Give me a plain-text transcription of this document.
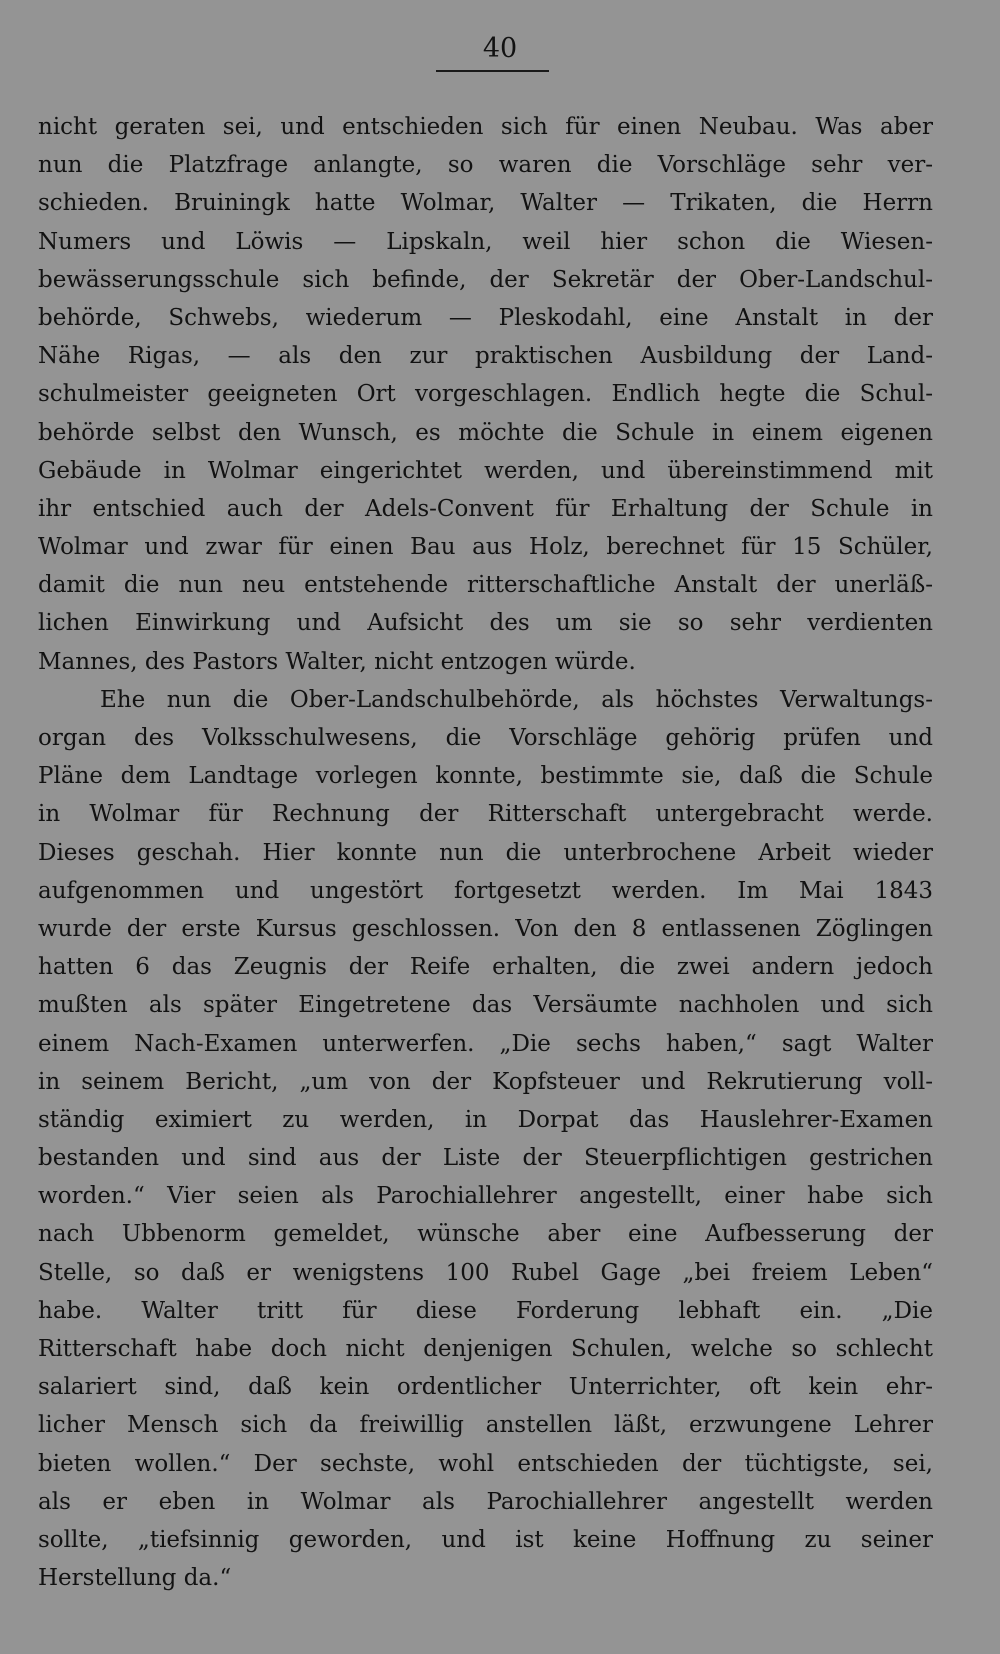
40
nicht geraten sei, und entschieden sich für einen Neubau. Was aber
nun die Platzfrage anlangte, so waren die Vorschläge sehr ver-
schieden. Bruiningk hatte Wolmar, Walter — Trikaten, die Herrn
Numers und Löwis — Lipskaln, weil hier schon die Wiesen-
bewässerungsschule sich befinde, der Sekretär der Ober-Landschul-
behörde, Schwebs, wiederum — Pleskodahl, eine Anstalt in der
Nähe Rigas, — als den zur praktischen Ausbildung der Land-
schulmeister geeigneten Ort vorgeschlagen. Endlich hegte die Schul-
behörde selbst den Wunsch, es möchte die Schule in einem eigenen
Gebäude in Wolmar eingerichtet werden, und übereinstimmend mit
ihr entschied auch der Adels-Convent für Erhaltung der Schule in
Wolmar und zwar für einen Bau aus Holz, berechnet für 15 Schüler,
damit die nun neu entstehende ritterschaftliche Anstalt der unerläß-
lichen Einwirkung und Aufsicht des um sie so sehr verdienten
Mannes, des Pastors Walter, nicht entzogen würde.
Ehe nun die Ober-Landschulbehörde, als höchstes Verwaltungs-
organ des Volksschulwesens, die Vorschläge gehörig prüfen und
Pläne dem Landtage vorlegen konnte, bestimmte sie, daß die Schule
in Wolmar für Rechnung der Ritterschaft untergebracht werde.
Dieses geschah. Hier konnte nun die unterbrochene Arbeit wieder
aufgenommen und ungestört fortgesetzt werden. Im Mai 1843
wurde der erste Kursus geschlossen. Von den 8 entlassenen Zöglingen
hatten 6 das Zeugnis der Reife erhalten, die zwei andern jedoch
mußten als später Eingetretene das Versäumte nachholen und sich
einem Nach-Examen unterwerfen. „Die sechs haben,“ sagt Walter
in seinem Bericht, „um von der Kopfsteuer und Rekrutierung voll-
ständig eximiert zu werden, in Dorpat das Hauslehrer-Examen
bestanden und sind aus der Liste der Steuerpflichtigen gestrichen
worden.“ Vier seien als Parochiallehrer angestellt, einer habe sich
nach Ubbenorm gemeldet, wünsche aber eine Aufbesserung der
Stelle, so daß er wenigstens 100 Rubel Gage „bei freiem Leben“
habe. Walter tritt für diese Forderung lebhaft ein. „Die
Ritterschaft habe doch nicht denjenigen Schulen, welche so schlecht
salariert sind, daß kein ordentlicher Unterrichter, oft kein ehr-
licher Mensch sich da freiwillig anstellen läßt, erzwungene Lehrer
bieten wollen.“ Der sechste, wohl entschieden der tüchtigste, sei,
als er eben in Wolmar als Parochiallehrer angestellt werden
sollte, „tiefsinnig geworden, und ist keine Hoffnung zu seiner
Herstellung da.“
